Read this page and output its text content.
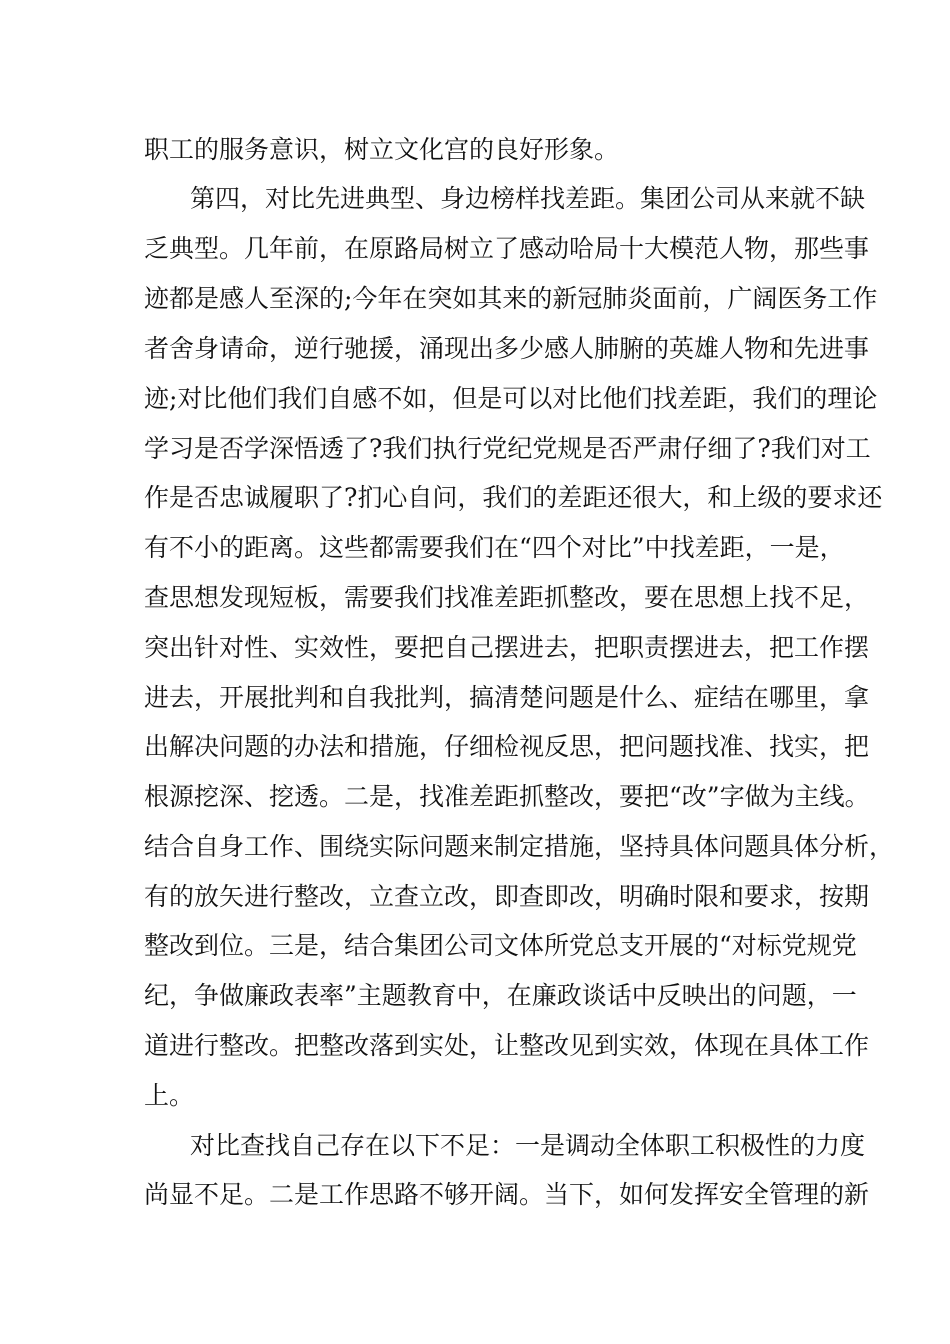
职工的服务意识，树立文化宫的良好形象。
第四，对比先进典型、身边榜样找差距。集团公司从来就不缺
乏典型。几年前，在原路局树立了感动哈局十大模范人物，那些事
迹都是感人至深的;今年在突如其来的新冠肺炎面前，广阔医务工作
者舍身请命，逆行驰援，涌现出多少感人肺腑的英雄人物和先进事
迹;对比他们我们自感不如，但是可以对比他们找差距，我们的理论
学习是否学深悟透了?我们执行党纪党规是否严肃仔细了?我们对工
作是否忠诚履职了?扪心自问，我们的差距还很大，和上级的要求还
有不小的距离。这些都需要我们在“四个对比”中找差距，一是，
查思想发现短板，需要我们找准差距抓整改，要在思想上找不足，
突出针对性、实效性，要把自己摆进去，把职责摆进去，把工作摆
进去，开展批判和自我批判，搞清楚问题是什么、症结在哪里，拿
出解决问题的办法和措施，仔细检视反思，把问题找准、找实，把
根源挖深、挖透。二是，找准差距抓整改，要把“改”字做为主线。
结合自身工作、围绕实际问题来制定措施，坚持具体问题具体分析，
有的放矢进行整改，立查立改，即查即改，明确时限和要求，按期
整改到位。三是，结合集团公司文体所党总支开展的“对标党规党
纪，争做廉政表率”主题教育中，在廉政谈话中反映出的问题，一
道进行整改。把整改落到实处，让整改见到实效，体现在具体工作
上。
对比查找自己存在以下不足：一是调动全体职工积极性的力度
尚显不足。二是工作思路不够开阔。当下，如何发挥安全管理的新
